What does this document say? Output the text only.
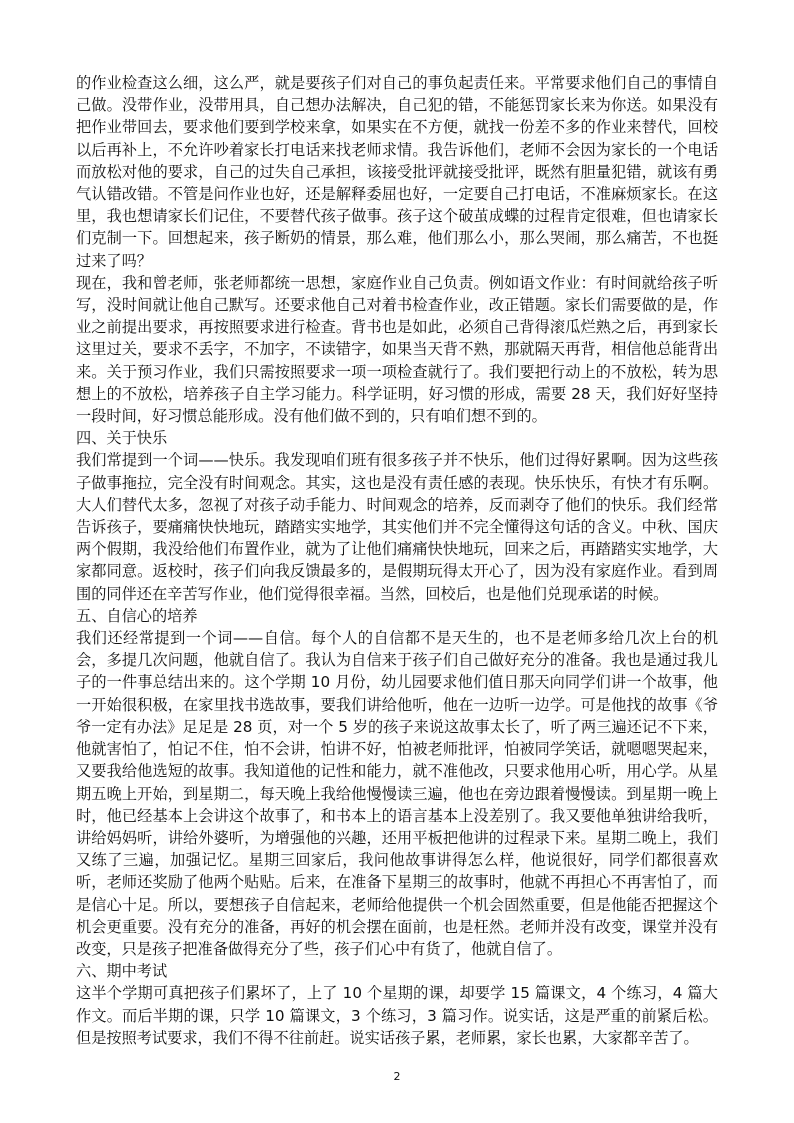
的作业检查这么细，这么严，就是要孩子们对自己的事负起责任来。平常要求他们自己的事情自己做。没带作业，没带用具，自己想办法解决，自己犯的错，不能惩罚家长来为你送。如果没有把作业带回去，要求他们要到学校来拿，如果实在不方便，就找一份差不多的作业来替代，回校以后再补上，不允许吵着家长打电话来找老师求情。我告诉他们，老师不会因为家长的一个电话而放松对他的要求，自己的过失自己承担，该接受批评就接受批评，既然有胆量犯错，就该有勇气认错改错。不管是问作业也好，还是解释委屈也好，一定要自己打电话，不准麻烦家长。在这里，我也想请家长们记住，不要替代孩子做事。孩子这个破茧成蝶的过程肯定很难，但也请家长们克制一下。回想起来，孩子断奶的情景，那么难，他们那么小，那么哭闹，那么痛苦，不也挺过来了吗？

现在，我和曾老师，张老师都统一思想，家庭作业自己负责。例如语文作业：有时间就给孩子听写，没时间就让他自己默写。还要求他自己对着书检查作业，改正错题。家长们需要做的是，作业之前提出要求，再按照要求进行检查。背书也是如此，必须自己背得滚瓜烂熟之后，再到家长这里过关，要求不丢字，不加字，不读错字，如果当天背不熟，那就隔天再背，相信他总能背出来。关于预习作业，我们只需按照要求一项一项检查就行了。我们要把行动上的不放松，转为思想上的不放松，培养孩子自主学习能力。科学证明，好习惯的形成，需要 28 天，我们好好坚持一段时间，好习惯总能形成。没有他们做不到的，只有咱们想不到的。

四、关于快乐

我们常提到一个词——快乐。我发现咱们班有很多孩子并不快乐，他们过得好累啊。因为这些孩子做事拖拉，完全没有时间观念。其实，这也是没有责任感的表现。快乐快乐，有快才有乐啊。大人们替代太多，忽视了对孩子动手能力、时间观念的培养，反而剥夺了他们的快乐。我们经常告诉孩子，要痛痛快快地玩，踏踏实实地学，其实他们并不完全懂得这句话的含义。中秋、国庆两个假期，我没给他们布置作业，就为了让他们痛痛快快地玩，回来之后，再踏踏实实地学，大家都同意。返校时，孩子们向我反馈最多的，是假期玩得太开心了，因为没有家庭作业。看到周围的同伴还在辛苦写作业，他们觉得很幸福。当然，回校后，也是他们兑现承诺的时候。

五、自信心的培养

我们还经常提到一个词——自信。每个人的自信都不是天生的，也不是老师多给几次上台的机会，多提几次问题，他就自信了。我认为自信来于孩子们自己做好充分的准备。我也是通过我儿子的一件事总结出来的。这个学期 10 月份，幼儿园要求他们值日那天向同学们讲一个故事，他一开始很积极，在家里找书选故事，要我们讲给他听，他在一边听一边学。可是他找的故事《爷爷一定有办法》足足是 28 页，对一个 5 岁的孩子来说这故事太长了，听了两三遍还记不下来，他就害怕了，怕记不住，怕不会讲，怕讲不好，怕被老师批评，怕被同学笑话，就嗯嗯哭起来，又要我给他选短的故事。我知道他的记性和能力，就不准他改，只要求他用心听，用心学。从星期五晚上开始，到星期二，每天晚上我给他慢慢读三遍，他也在旁边跟着慢慢读。到星期一晚上时，他已经基本上会讲这个故事了，和书本上的语言基本上没差别了。我又要他单独讲给我听，讲给妈妈听，讲给外婆听，为增强他的兴趣，还用平板把他讲的过程录下来。星期二晚上，我们又练了三遍，加强记忆。星期三回家后，我问他故事讲得怎么样，他说很好，同学们都很喜欢听，老师还奖励了他两个贴贴。后来，在准备下星期三的故事时，他就不再担心不再害怕了，而是信心十足。所以，要想孩子自信起来，老师给他提供一个机会固然重要，但是他能否把握这个机会更重要。没有充分的准备，再好的机会摆在面前，也是枉然。老师并没有改变，课堂并没有改变，只是孩子把准备做得充分了些，孩子们心中有货了，他就自信了。

六、期中考试

这半个学期可真把孩子们累坏了，上了 10 个星期的课，却要学 15 篇课文，4 个练习，4 篇大作文。而后半期的课，只学 10 篇课文，3 个练习，3 篇习作。说实话，这是严重的前紧后松。但是按照考试要求，我们不得不往前赶。说实话孩子累，老师累，家长也累，大家都辛苦了。

2
